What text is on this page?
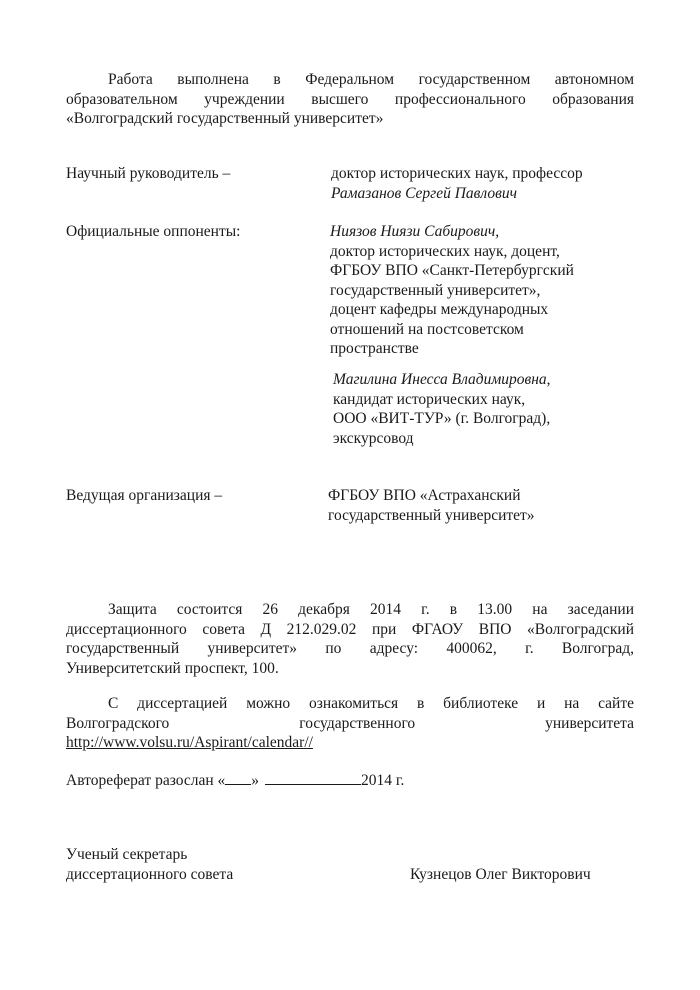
Работа выполнена в Федеральном государственном автономном
образовательном учреждении высшего профессионального образования
«Волгоградский государственный университет»
Научный руководитель –	доктор исторических наук, профессор
Рамазанов Сергей Павлович
Официальные оппоненты:	Ниязов Ниязи Сабирович,
доктор исторических наук, доцент,
ФГБОУ ВПО «Санкт-Петербургский
государственный университет»,
доцент кафедры международных
отношений на постсоветском
пространстве
Магилина Инесса Владимировна,
кандидат исторических наук,
ООО «ВИТ-ТУР» (г. Волгоград),
экскурсовод
Ведущая организация –	ФГБОУ ВПО «Астраханский
государственный университет»
Защита состоится 26 декабря 2014 г. в 13.00 на заседании
диссертационного совета Д 212.029.02 при ФГАОУ ВПО «Волгоградский
государственный университет» по адресу: 400062, г. Волгоград,
Университетский проспект, 100.
С диссертацией можно ознакомиться в библиотеке и на сайте
Волгоградского государственного университета
http://www.volsu.ru/Aspirant/calendar//
Автореферат разослан « »	2014 г.
Ученый секретарь
диссертационного совета	Кузнецов Олег Викторович
